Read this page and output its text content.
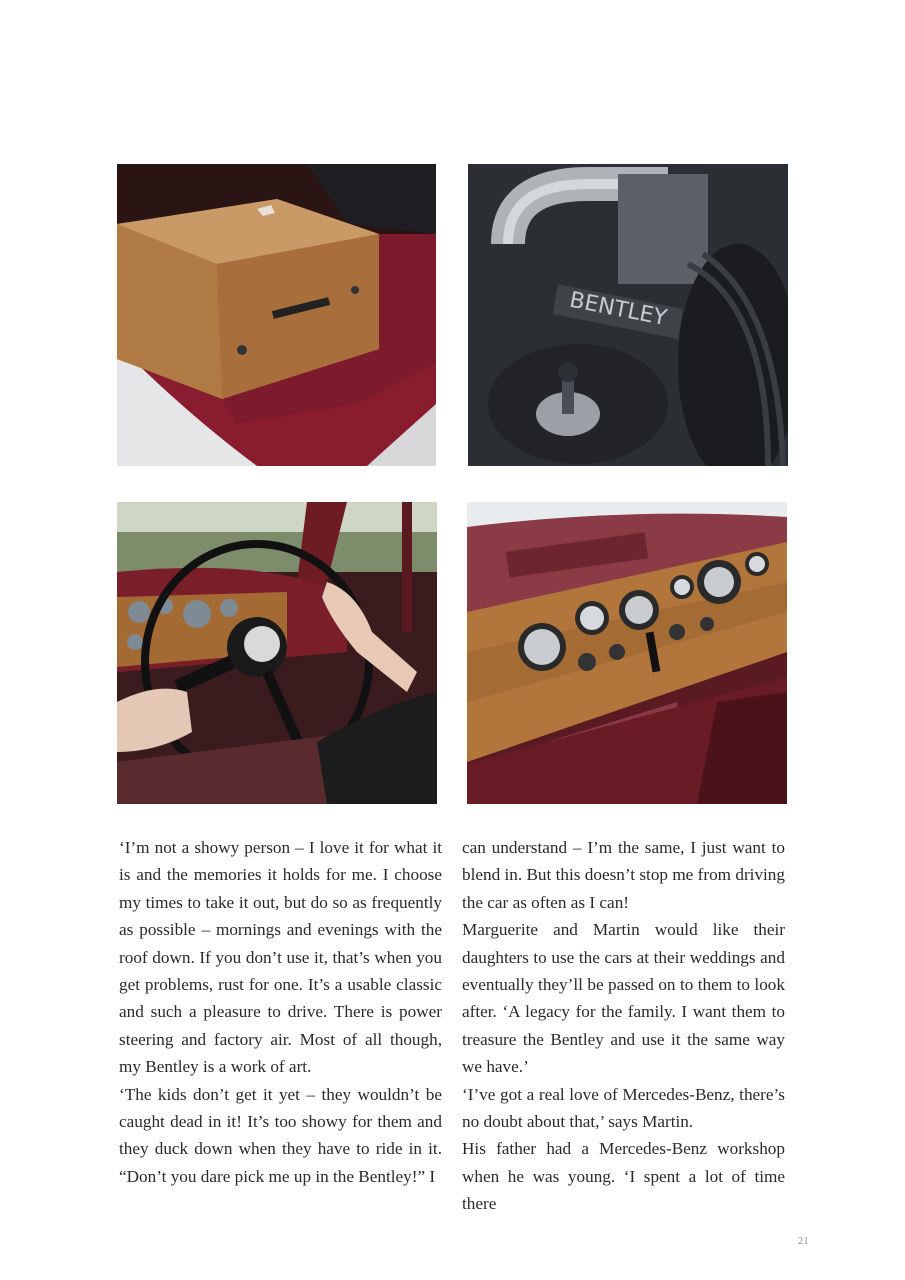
BENTLEY

‘I’m not a showy person – I love it for what it is and the memories it holds for me. I choose my times to take it out, but do so as frequently as possible – mornings and evenings with the roof down. If you don’t use it, that’s when you get problems, rust for one. It’s a usable classic and such a pleasure to drive. There is power steering and factory air. Most of all though, my Bentley is a work of art.

‘The kids don’t get it yet – they wouldn’t be caught dead in it! It’s too showy for them and they duck down when they have to ride in it. “Don’t you dare pick me up in the Bentley!” I

can understand – I’m the same, I just want to blend in. But this doesn’t stop me from driving the car as often as I can!

Marguerite and Martin would like their daughters to use the cars at their weddings and eventually they’ll be passed on to them to look after. ‘A legacy for the family. I want them to treasure the Bentley and use it the same way we have.’

‘I’ve got a real love of Mercedes-Benz, there’s no doubt about that,’ says Martin.

His father had a Mercedes-Benz workshop when he was young. ‘I spent a lot of time there

21
